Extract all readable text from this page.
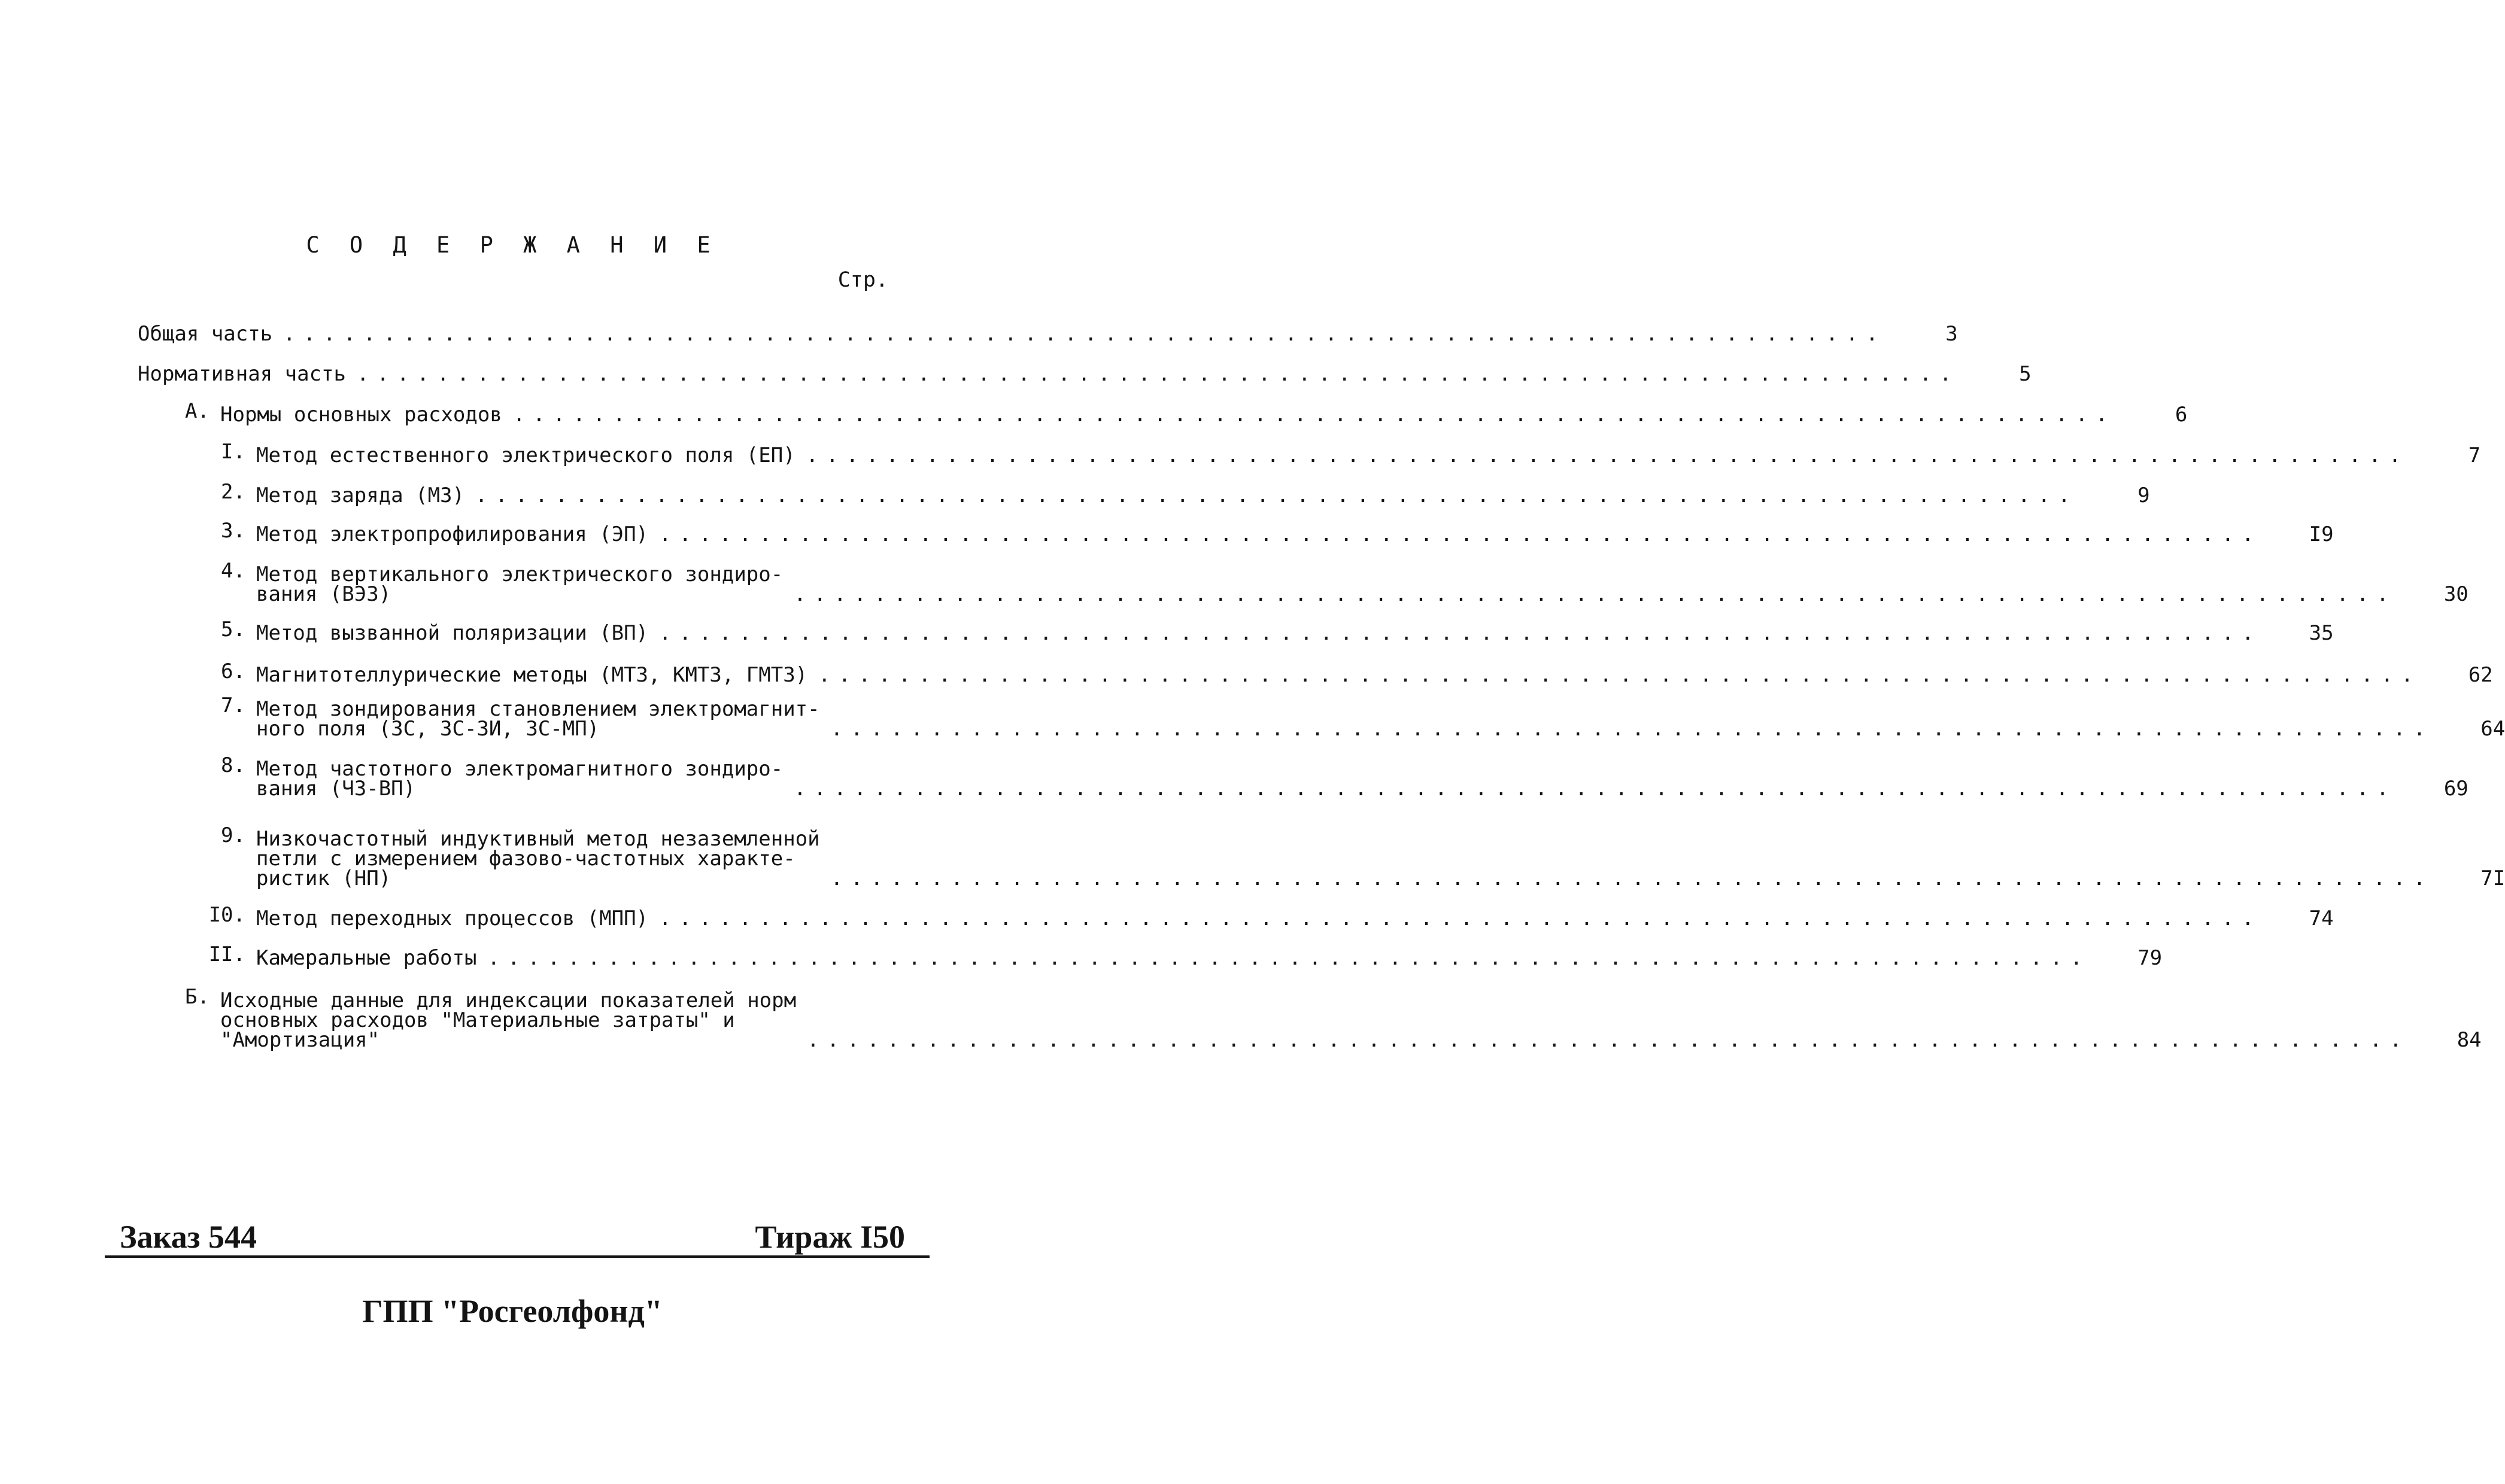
С О Д Е Р Ж А Н И Е
Стр.
Общая часть ................................................................................	3
Нормативная часть ................................................................................	5
А. Нормы основных расходов ................................................................................	6
I. Метод естественного электрического поля (ЕП) ................................................................................	7
2. Метод заряда (МЗ) ................................................................................	9
3. Метод электропрофилирования (ЭП) ................................................................................	I9
4. Метод вертикального электрического зондиро-
вания (ВЭЗ)	................................................................................	30
5. Метод вызванной поляризации (ВП) ................................................................................	35
6. Магнитотеллурические методы (МТЗ, КМТЗ, ГМТЗ) ................................................................................	62
7. Метод зондирования становлением электромагнит-
ного поля (ЗС, ЗС-ЗИ, ЗС-МП)	................................................................................	64
8. Метод частотного электромагнитного зондиро-
вания (ЧЗ-ВП)	................................................................................	69
9. Низкочастотный индуктивный метод незаземленной
петли с измерением фазово-частотных характе-
ристик (НП)	................................................................................	7I
I0. Метод переходных процессов (МПП) ................................................................................	74
II. Камеральные работы ................................................................................	79
Б. Исходные данные для индексации показателей норм
основных расходов "Материальные затраты" и
"Амортизация"	................................................................................	84
Заказ 544	Тираж I50
ГПП "Росгеолфонд"
